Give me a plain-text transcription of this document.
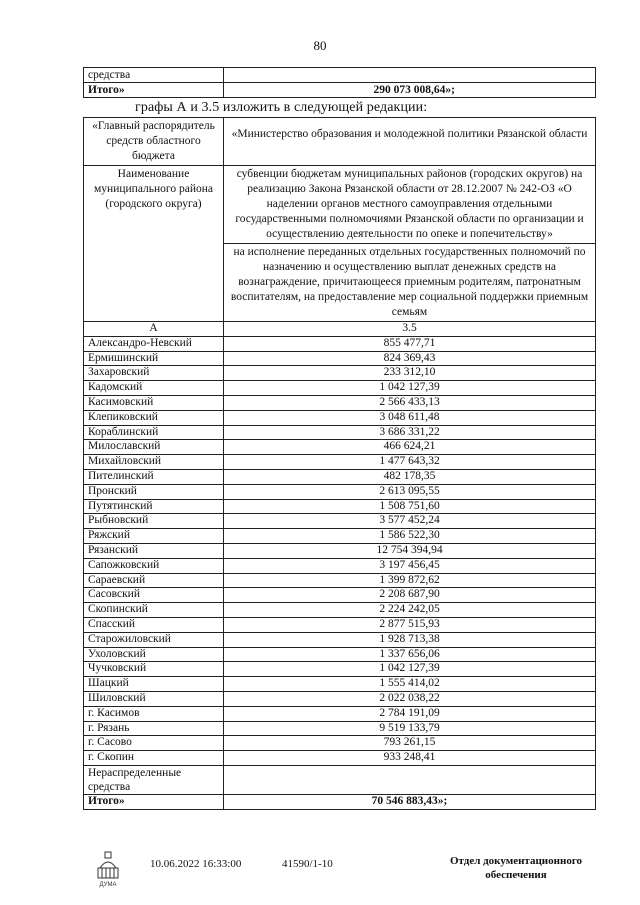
80
средства	
Итого»	290 073 008,64»;
графы А и 3.5 изложить в следующей редакции:
«Главный распорядитель средств областного бюджета	«Министерство образования и молодежной политики Рязанской области
Наименование муниципального района (городского округа)	субвенции бюджетам муниципальных районов (городских округов) на реализацию Закона Рязанской области от 28.12.2007 № 242-ОЗ «О наделении органов местного самоуправления отдельными государственными полномочиями Рязанской области по организации и осуществлению деятельности по опеке и попечительству»
	на исполнение переданных отдельных государственных полномочий по назначению и осуществлению выплат денежных средств на вознаграждение, причитающееся приемным родителям, патронатным воспитателям, на предоставление мер социальной поддержки приемным семьям
А	3.5
Александро-Невский	855 477,71
Ермишинский	824 369,43
Захаровский	233 312,10
Кадомский	1 042 127,39
Касимовский	2 566 433,13
Клепиковский	3 048 611,48
Кораблинский	3 686 331,22
Милославский	466 624,21
Михайловский	1 477 643,32
Пителинский	482 178,35
Пронский	2 613 095,55
Путятинский	1 508 751,60
Рыбновский	3 577 452,24
Ряжский	1 586 522,30
Рязанский	12 754 394,94
Сапожковский	3 197 456,45
Сараевский	1 399 872,62
Сасовский	2 208 687,90
Скопинский	2 224 242,05
Спасский	2 877 515,93
Старожиловский	1 928 713,38
Ухоловский	1 337 656,06
Чучковский	1 042 127,39
Шацкий	1 555 414,02
Шиловский	2 022 038,22
г. Касимов	2 784 191,09
г. Рязань	9 519 133,79
г. Сасово	793 261,15
г. Скопин	933 248,41
Нераспределенные средства	
Итого»	70 546 883,43»;
ДУМА
10.06.2022 16:33:00	41590/1-10	Отдел документационного обеспечения
